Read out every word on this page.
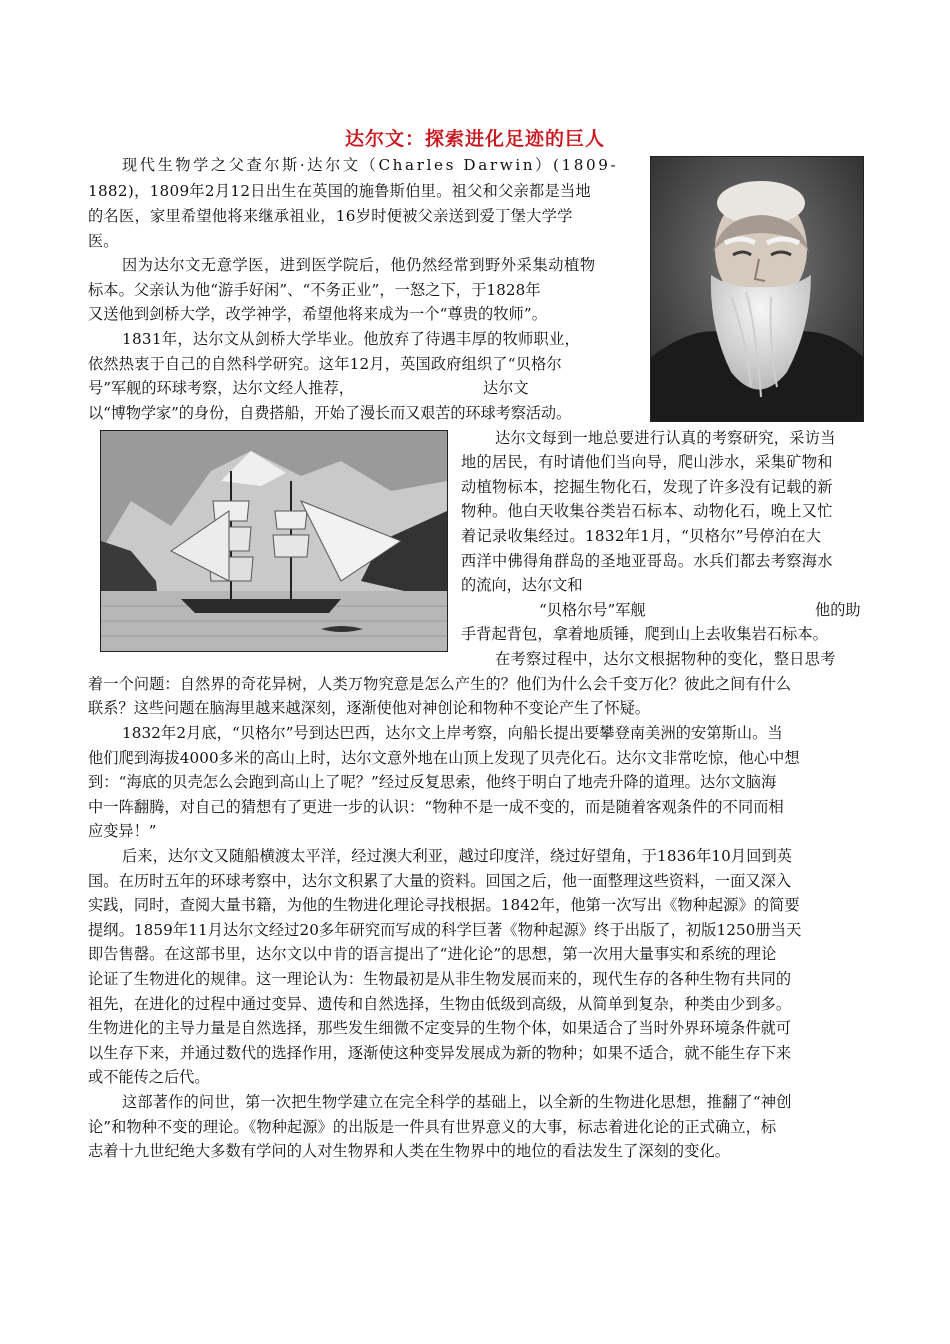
达尔文：探索进化足迹的巨人
现代生物学之父查尔斯·达尔文（Charles Darwin）(1809-
1882)，1809年2月12日出生在英国的施鲁斯伯里。祖父和父亲都是当地
的名医，家里希望他将来继承祖业，16岁时便被父亲送到爱丁堡大学学
医。
因为达尔文无意学医，进到医学院后，他仍然经常到野外采集动植物
标本。父亲认为他“游手好闲”、“不务正业”，一怒之下，于1828年
又送他到剑桥大学，改学神学，希望他将来成为一个“尊贵的牧师”。
1831年，达尔文从剑桥大学毕业。他放弃了待遇丰厚的牧师职业，
依然热衷于自己的自然科学研究。这年12月，英国政府组织了“贝格尔
号”军舰的环球考察，达尔文经人推荐，	达尔文
以“博物学家”的身份，自费搭船，开始了漫长而又艰苦的环球考察活动。
达尔文每到一地总要进行认真的考察研究，采访当
地的居民，有时请他们当向导，爬山涉水，采集矿物和
动植物标本，挖掘生物化石，发现了许多没有记载的新
物种。他白天收集谷类岩石标本、动物化石，晚上又忙
着记录收集经过。1832年1月，“贝格尔”号停泊在大
西洋中佛得角群岛的圣地亚哥岛。水兵们都去考察海水
的流向，达尔文和
“贝格尔号”军舰	他的助
手背起背包，拿着地质锤，爬到山上去收集岩石标本。
在考察过程中，达尔文根据物种的变化，整日思考
着一个问题：自然界的奇花异树，人类万物究意是怎么产生的？他们为什么会千变万化？彼此之间有什么
联系？这些问题在脑海里越来越深刻，逐渐使他对神创论和物种不变论产生了怀疑。
1832年2月底，“贝格尔”号到达巴西，达尔文上岸考察，向船长提出要攀登南美洲的安第斯山。当
他们爬到海拔4000多米的高山上时，达尔文意外地在山顶上发现了贝壳化石。达尔文非常吃惊，他心中想
到：“海底的贝壳怎么会跑到高山上了呢？”经过反复思索，他终于明白了地壳升降的道理。达尔文脑海
中一阵翻腾，对自己的猜想有了更进一步的认识：“物种不是一成不变的，而是随着客观条件的不同而相
应变异！”
后来，达尔文又随船横渡太平洋，经过澳大利亚，越过印度洋，绕过好望角，于1836年10月回到英
国。在历时五年的环球考察中，达尔文积累了大量的资料。回国之后，他一面整理这些资料，一面又深入
实践，同时，查阅大量书籍，为他的生物进化理论寻找根据。1842年，他第一次写出《物种起源》的简要
提纲。1859年11月达尔文经过20多年研究而写成的科学巨著《物种起源》终于出版了，初版1250册当天
即告售罄。在这部书里，达尔文以中肯的语言提出了“进化论”的思想，第一次用大量事实和系统的理论
论证了生物进化的规律。这一理论认为：生物最初是从非生物发展而来的，现代生存的各种生物有共同的
祖先，在进化的过程中通过变异、遗传和自然选择，生物由低级到高级，从简单到复杂，种类由少到多。
生物进化的主导力量是自然选择，那些发生细微不定变异的生物个体，如果适合了当时外界环境条件就可
以生存下来，并通过数代的选择作用，逐渐使这种变异发展成为新的物种；如果不适合，就不能生存下来
或不能传之后代。
这部著作的问世，第一次把生物学建立在完全科学的基础上，以全新的生物进化思想，推翻了“神创
论”和物种不变的理论。《物种起源》的出版是一件具有世界意义的大事，标志着进化论的正式确立，标
志着十九世纪绝大多数有学问的人对生物界和人类在生物界中的地位的看法发生了深刻的变化。
